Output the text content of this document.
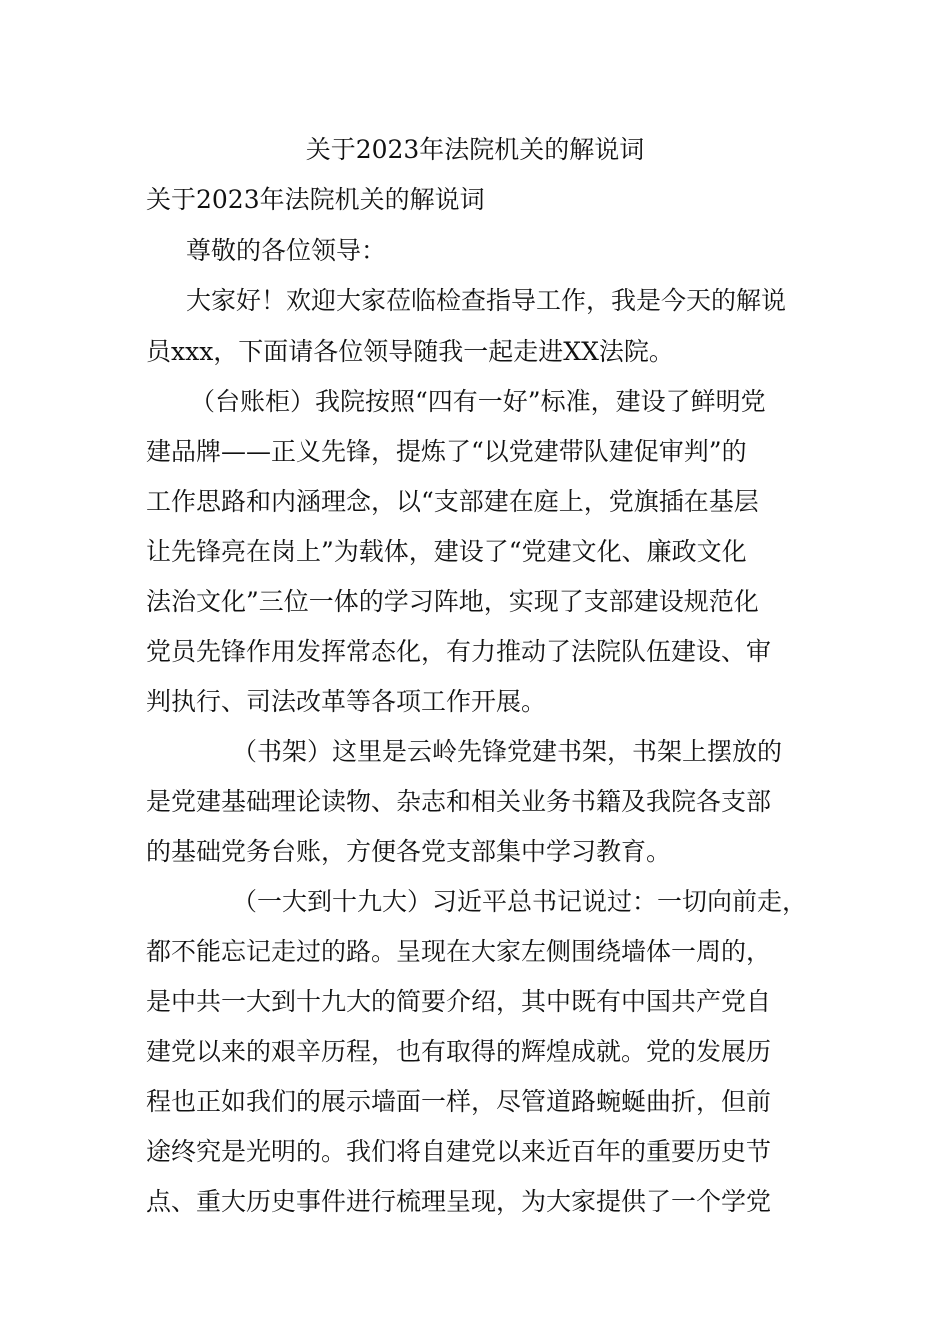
关于2023年法院机关的解说词
关于2023年法院机关的解说词
尊敬的各位领导：
大家好！欢迎大家莅临检查指导工作，我是今天的解说
员xxx，下面请各位领导随我一起走进XX法院。
（台账柜）我院按照“四有一好”标准，建设了鲜明党
建品牌——正义先锋，提炼了“以党建带队建促审判”的
工作思路和内涵理念，以“支部建在庭上，党旗插在基层
让先锋亮在岗上”为载体，建设了“党建文化、廉政文化
法治文化”三位一体的学习阵地，实现了支部建设规范化
党员先锋作用发挥常态化，有力推动了法院队伍建设、审
判执行、司法改革等各项工作开展。
（书架）这里是云岭先锋党建书架，书架上摆放的
是党建基础理论读物、杂志和相关业务书籍及我院各支部
的基础党务台账，方便各党支部集中学习教育。
（一大到十九大）习近平总书记说过：一切向前走，
都不能忘记走过的路。呈现在大家左侧围绕墙体一周的，
是中共一大到十九大的简要介绍，其中既有中国共产党自
建党以来的艰辛历程，也有取得的辉煌成就。党的发展历
程也正如我们的展示墙面一样，尽管道路蜿蜒曲折，但前
途终究是光明的。我们将自建党以来近百年的重要历史节
点、重大历史事件进行梳理呈现，为大家提供了一个学党
